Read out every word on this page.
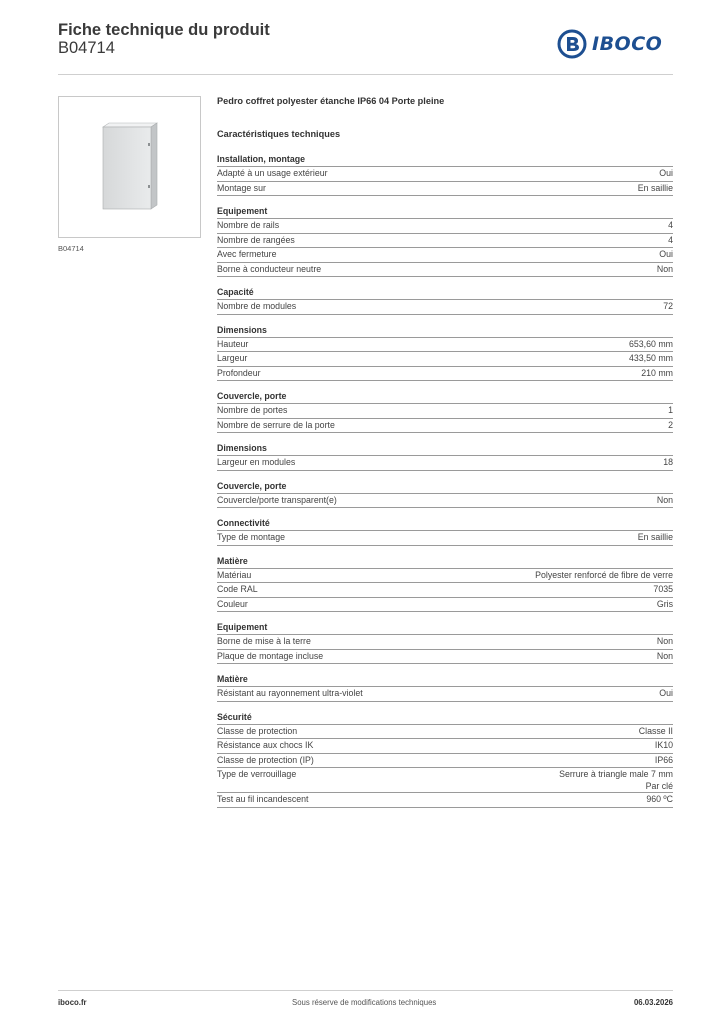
Fiche technique du produit
B04714	IBOCO
B04714
Pedro coffret polyester étanche IP66 04 Porte pleine
Caractéristiques techniques
Installation, montage
Adapté à un usage extérieur	Oui
Montage sur	En saillie
Equipement
Nombre de rails	4
Nombre de rangées	4
Avec fermeture	Oui
Borne à conducteur neutre	Non
Capacité
Nombre de modules	72
Dimensions
Hauteur	653,60 mm
Largeur	433,50 mm
Profondeur	210 mm
Couvercle, porte
Nombre de portes	1
Nombre de serrure de la porte	2
Dimensions
Largeur en modules	18
Couvercle, porte
Couvercle/porte transparent(e)	Non
Connectivité
Type de montage	En saillie
Matière
Matériau	Polyester renforcé de fibre de verre
Code RAL	7035
Couleur	Gris
Equipement
Borne de mise à la terre	Non
Plaque de montage incluse	Non
Matière
Résistant au rayonnement ultra-violet	Oui
Sécurité
Classe de protection	Classe II
Résistance aux chocs IK	IK10
Classe de protection (IP)	IP66
Type de verrouillage	Serrure à triangle male 7 mm
Par clé
Test au fil incandescent	960 ºC
iboco.fr	Sous réserve de modifications techniques	06.03.2026
